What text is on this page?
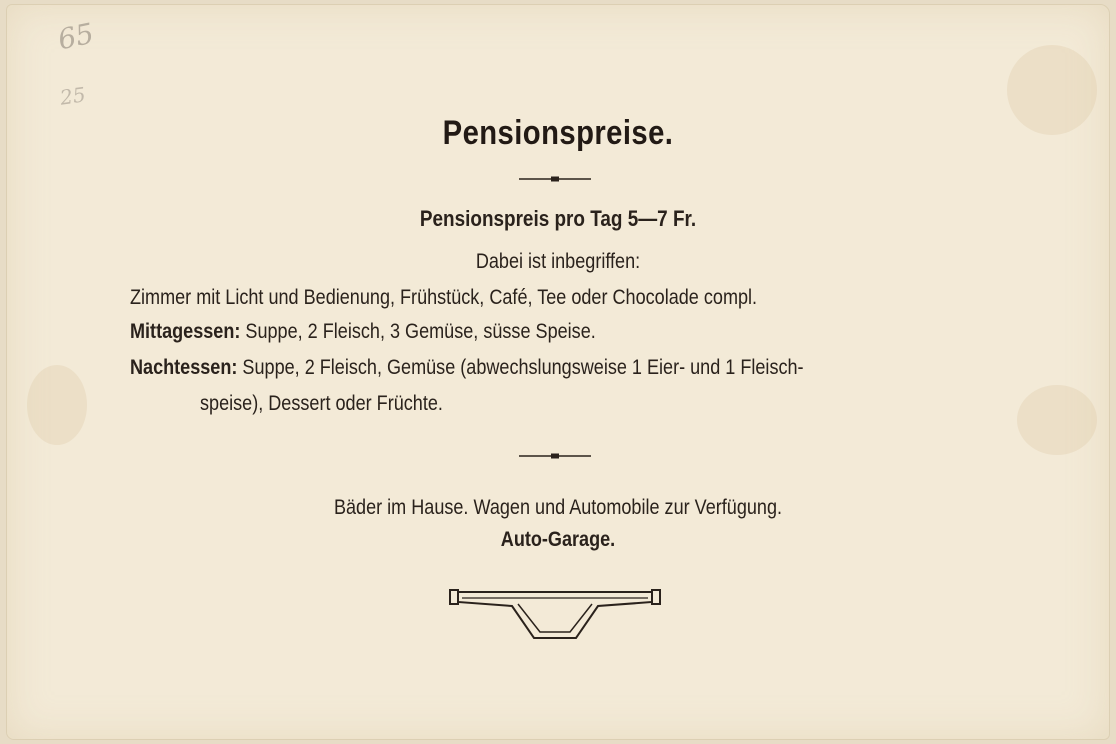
65
25
Pensionspreise.
Pensionspreis pro Tag 5—7 Fr.
Dabei ist inbegriffen:
Zimmer mit Licht und Bedienung, Frühstück, Café, Tee oder Chocolade compl.
Mittagessen: Suppe, 2 Fleisch, 3 Gemüse, süsse Speise.
Nachtessen: Suppe, 2 Fleisch, Gemüse (abwechslungsweise 1 Eier- und 1 Fleisch-
speise), Dessert oder Früchte.
Bäder im Hause. Wagen und Automobile zur Verfügung.
Auto-Garage.
